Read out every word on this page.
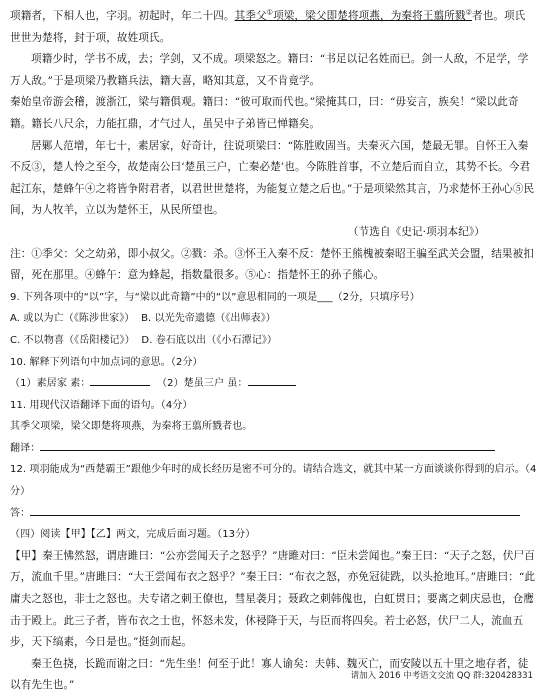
项籍者，下相人也，字羽。初起时，年二十四。其季父①项梁，梁父即楚将项燕，为秦将王翦所戮②者也。项氏

世世为楚将，封于项，故姓项氏。

项籍少时，学书不成，去；学剑，又不成。项梁怒之。籍曰：“书足以记名姓而已。剑一人敌，不足学，学万人敌。”于是项梁乃教籍兵法，籍大喜，略知其意，又不肯竟学。

秦始皇帝游会稽，渡浙江，梁与籍俱观。籍曰：“彼可取而代也。”梁掩其口，曰：“毋妄言，族矣！”梁以此奇籍。籍长八尺余，力能扛鼎，才气过人，虽吴中子弟皆已惮籍矣。

居鄛人范增，年七十，素居家，好奇计，往说项梁曰：“陈胜败固当。夫秦灭六国，楚最无罪。自怀王入秦不反③，楚人怜之至今，故楚南公曰‘楚虽三户，亡秦必楚’也。今陈胜首事，不立楚后而自立，其势不长。今君起江东，楚蜂午④之将皆争附君者，以君世世楚将，为能复立楚之后也。”于是项梁然其言，乃求楚怀王孙心⑤民间，为人牧羊，立以为楚怀王，从民所望也。

（节选自《史记·项羽本纪》）

注：①季父：父之幼弟，即小叔父。②戮：杀。③怀王入秦不反：楚怀王熊槐被秦昭王骗至武关会盟，结果被扣留，死在那里。④蜂午：意为蜂起，指数量很多。⑤心：指楚怀王的孙子熊心。

9. 下列各项中的“以”字，与“梁以此奇籍”中的“以”意思相同的一项是___（2分，只填序号）

A. 或以为亡（《陈涉世家》） B. 以光先帝遗德（《出师表》）

C. 不以物喜（《岳阳楼记》） D. 卷石底以出（《小石潭记》）

10. 解释下列语句中加点词的意思。（2分）

（1）素居家 素：	（2）楚虽三户 虽：

11. 用现代汉语翻译下面的语句。（4分）

其季父项梁，梁父即楚将项燕，为秦将王翦所戮者也。

翻译：

12. 项羽能成为“西楚霸王”跟他少年时的成长经历是密不可分的。请结合选文，就其中某一方面谈谈你得到的启示。（4分）

答：

（四）阅读【甲】【乙】两文，完成后面习题。（13分）

【甲】秦王怫然怒，谓唐雎曰：“公亦尝闻天子之怒乎？”唐雎对曰：“臣未尝闻也。”秦王曰：“天子之怒，伏尸百万，流血千里。”唐雎曰：“大王尝闻布衣之怒乎？”秦王曰：“布衣之怒，亦免冠徒跣，以头抢地耳。”唐雎曰：“此庸夫之怒也，非士之怒也。夫专诸之刺王僚也，彗星袭月；聂政之刺韩傀也，白虹贯日；要离之刺庆忌也，仓鹰击于殿上。此三子者，皆布衣之士也，怀怒未发，休祲降于天，与臣而将四矣。若士必怒，伏尸二人，流血五步，天下缟素，今日是也。”挺剑而起。

秦王色挠，长跪而谢之曰：“先生坐！何至于此！寡人谕矣：夫韩、魏灭亡，而安陵以五十里之地存者，徒以有先生也。”

请加入 2016 中考语文交流 QQ 群:320428331
